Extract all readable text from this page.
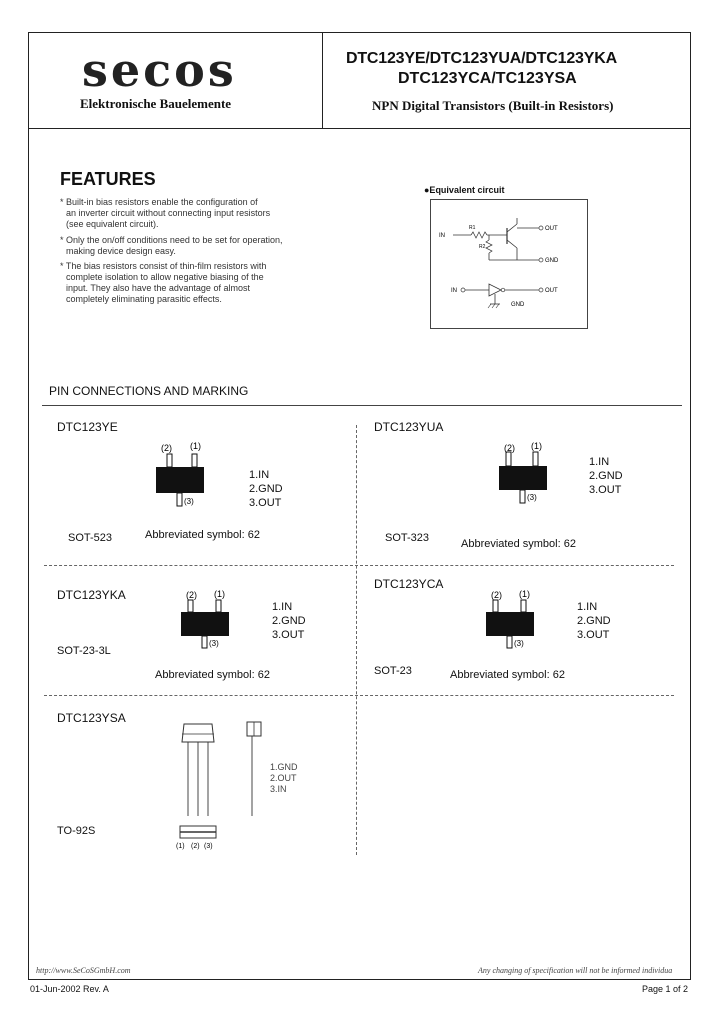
secos
Elektronische Bauelemente
DTC123YE/DTC123YUA/DTC123YKA
DTC123YCA/TC123YSA
NPN Digital Transistors (Built-in Resistors)
FEATURES
* Built-in bias resistors enable the configuration of
an inverter circuit without connecting input resistors
(see equivalent circuit).
* Only the on/off conditions need to be set for operation,
making device design easy.
* The bias resistors consist of thin-film resistors with
complete isolation to allow negative biasing of the
input. They also have the advantage of almost
completely eliminating parasitic effects.
●Equivalent circuit
IN
R1
R2
OUT
GND
IN	OUT
GND
PIN CONNECTIONS AND MARKING
DTC123YE
(2) (1)
(3)
1.IN
2.GND
3.OUT
SOT-523	Abbreviated symbol: 62
DTC123YUA
(2) (1)
(3)
1.IN
2.GND
3.OUT
SOT-323	Abbreviated symbol: 62
DTC123YKA	(2) (1)
(3)
1.IN
2.GND
3.OUT
SOT-23-3L
Abbreviated symbol: 62
DTC123YCA
(2) (1)
(3)
1.IN
2.GND
3.OUT
SOT-23	Abbreviated symbol: 62
DTC123YSA
(1) (2) (3)
1.GND
2.OUT
3.IN
TO-92S
http://www.SeCoSGmbH.com	Any changing of specification will not be informed individua
01-Jun-2002 Rev. A	Page 1 of 2
